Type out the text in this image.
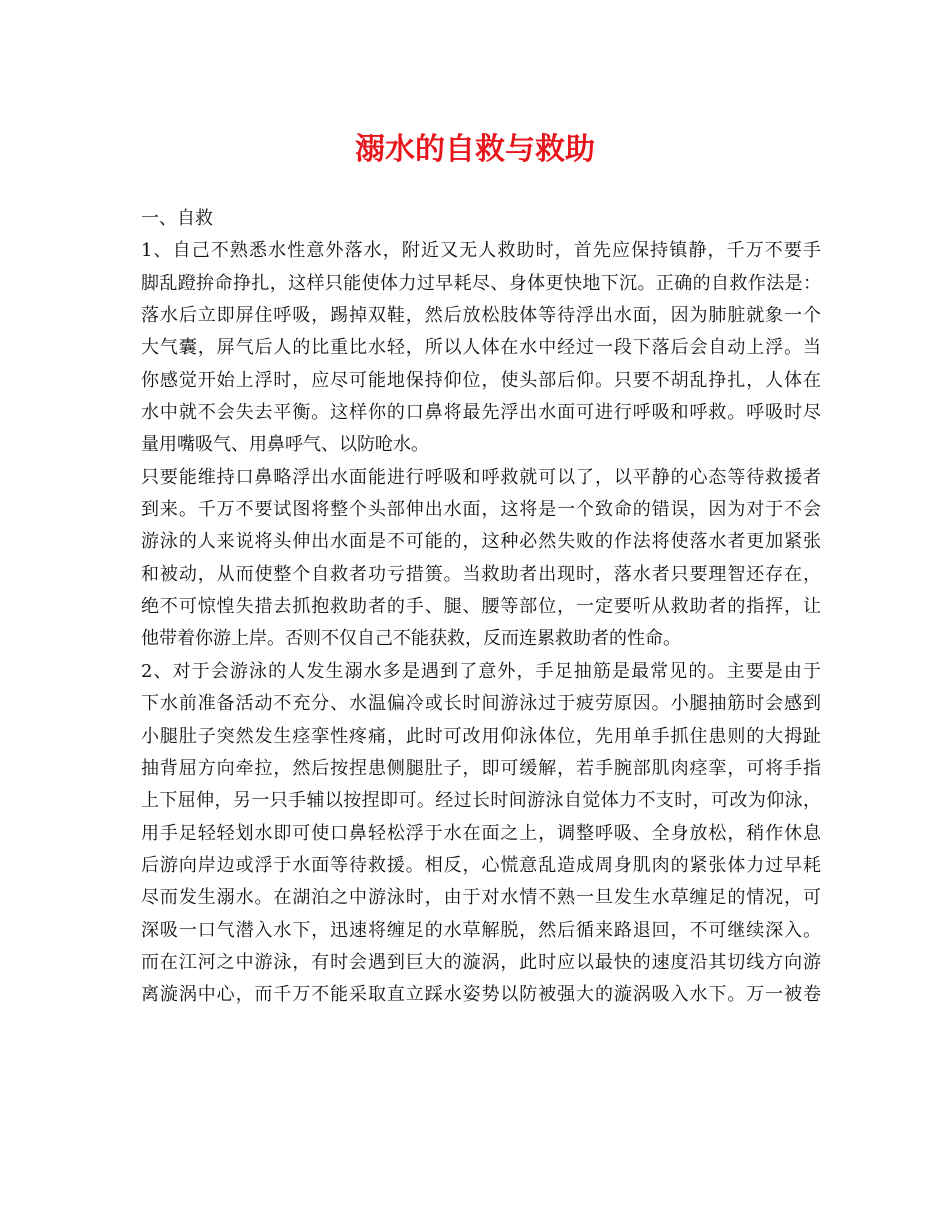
溺水的自救与救助
一、自救
1、自己不熟悉水性意外落水，附近又无人救助时，首先应保持镇静，千万不要手
脚乱蹬拚命挣扎，这样只能使体力过早耗尽、身体更快地下沉。正确的自救作法是：
落水后立即屏住呼吸，踢掉双鞋，然后放松肢体等待浮出水面，因为肺脏就象一个
大气囊，屏气后人的比重比水轻，所以人体在水中经过一段下落后会自动上浮。当
你感觉开始上浮时，应尽可能地保持仰位，使头部后仰。只要不胡乱挣扎，人体在
水中就不会失去平衡。这样你的口鼻将最先浮出水面可进行呼吸和呼救。呼吸时尽
量用嘴吸气、用鼻呼气、以防呛水。
只要能维持口鼻略浮出水面能进行呼吸和呼救就可以了，以平静的心态等待救援者
到来。千万不要试图将整个头部伸出水面，这将是一个致命的错误，因为对于不会
游泳的人来说将头伸出水面是不可能的，这种必然失败的作法将使落水者更加紧张
和被动，从而使整个自救者功亏措篑。当救助者出现时，落水者只要理智还存在，
绝不可惊惶失措去抓抱救助者的手、腿、腰等部位，一定要听从救助者的指挥，让
他带着你游上岸。否则不仅自己不能获救，反而连累救助者的性命。
2、对于会游泳的人发生溺水多是遇到了意外，手足抽筋是最常见的。主要是由于
下水前准备活动不充分、水温偏冷或长时间游泳过于疲劳原因。小腿抽筋时会感到
小腿肚子突然发生痉挛性疼痛，此时可改用仰泳体位，先用单手抓住患则的大拇趾
抽背屈方向牵拉，然后按捏患侧腿肚子，即可缓解，若手腕部肌肉痉挛，可将手指
上下屈伸，另一只手辅以按捏即可。经过长时间游泳自觉体力不支时，可改为仰泳，
用手足轻轻划水即可使口鼻轻松浮于水在面之上，调整呼吸、全身放松，稍作休息
后游向岸边或浮于水面等待救援。相反，心慌意乱造成周身肌肉的紧张体力过早耗
尽而发生溺水。在湖泊之中游泳时，由于对水情不熟一旦发生水草缠足的情况，可
深吸一口气潜入水下，迅速将缠足的水草解脱，然后循来路退回，不可继续深入。
而在江河之中游泳，有时会遇到巨大的漩涡，此时应以最快的速度沿其切线方向游
离漩涡中心，而千万不能采取直立踩水姿势以防被强大的漩涡吸入水下。万一被卷
